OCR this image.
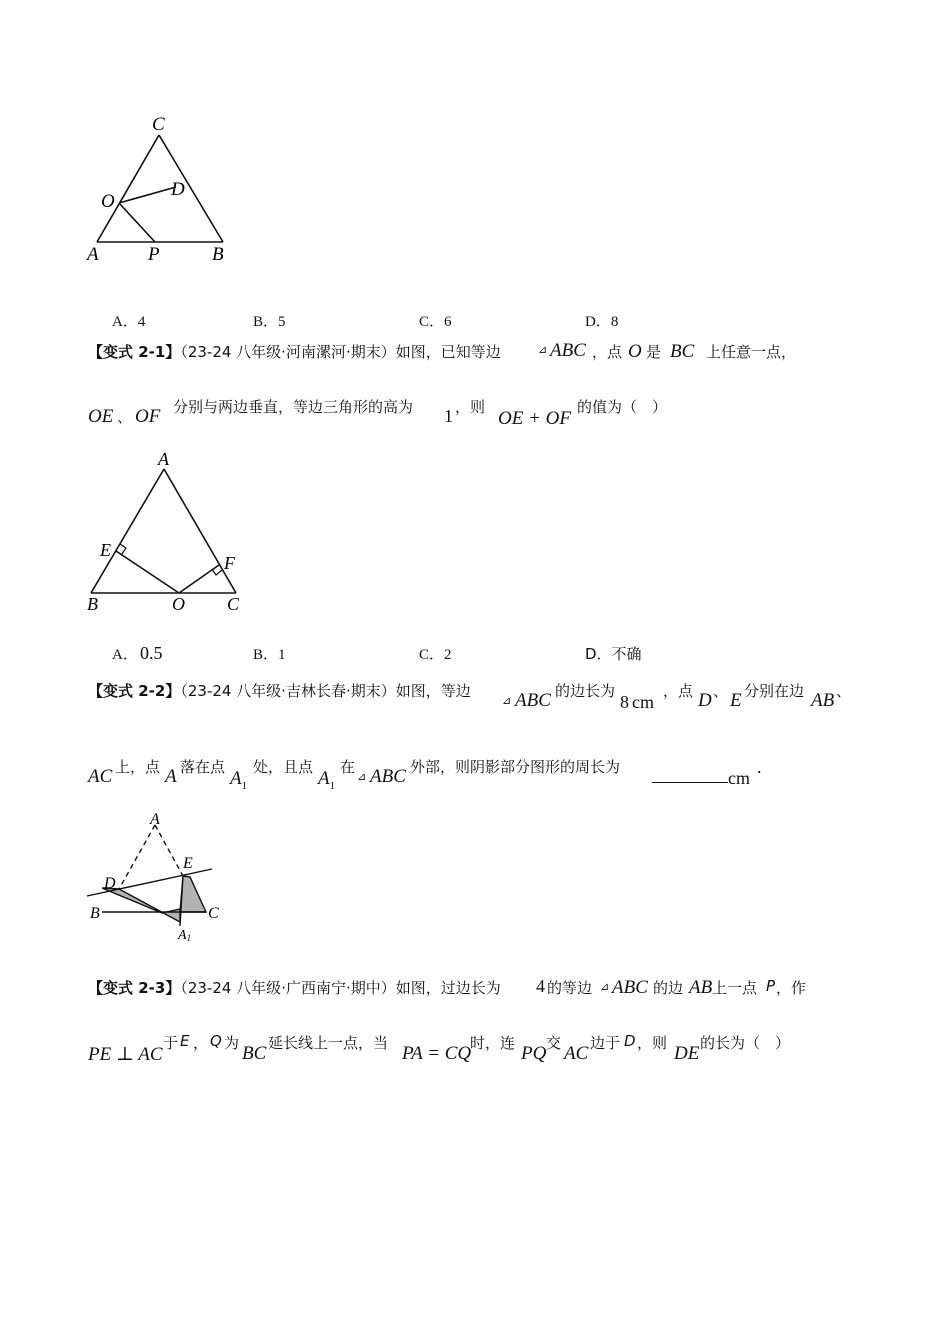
C
O
D
A	P	B
A．4	B．5	C．6	D．8
【变式 2-1】（23-24 八年级·河南漯河·期末）如图，已知等边	⊿ ABC ，点 O 是 BC 上任意一点，
OE 、 OF 分别与两边垂直，等边三角形的高为 1 ，则
OE + OF
的值为（　）
A
E
F
B	O C
A． 0.5	B．1	C．2	D．不确
【变式 2-2】（23-24 八年级·吉林长春·期末）如图，等边
⊿ ABC 的边长为
8 cm
，点 D 、 E 分别在边 AB 、
AC 上，点 A 落在点
$A_1$
处，且点
$A_1$
在
⊿ ABC 外部，则阴影部分图形的周长为
cm
.
A
D
E
B	C
A1
【变式 2-3】（23-24 八年级·广西南宁·期中）如图，过边长为 4 的等边 ⊿ ABC 的边 AB 上一点 P ，作
PE ⊥ AC
于 E ， Q 为 BC 延长线上一点，当 PA = CQ
时，连 PQ 交 AC 边于 D ，则 DE 的长为（　）
